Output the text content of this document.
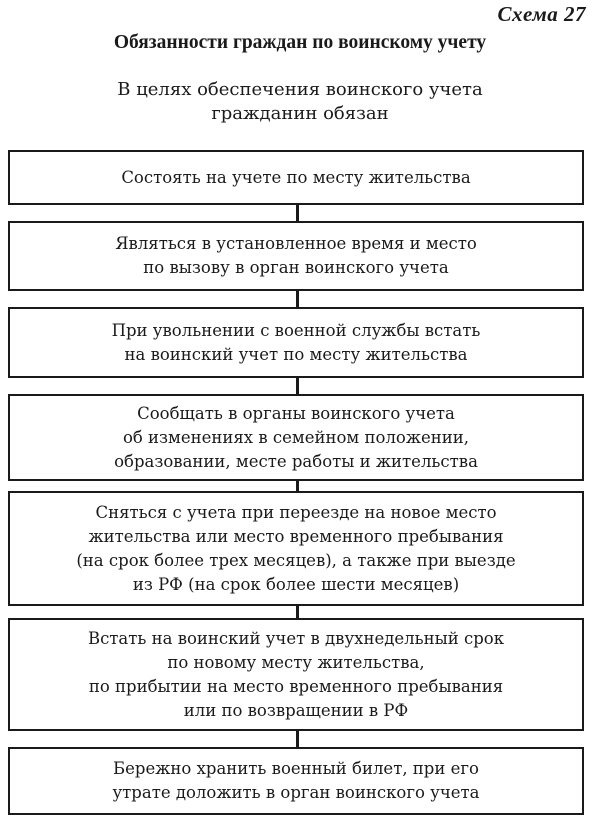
Схема 27
Обязанности граждан по воинскому учету
В целях обеспечения воинского учета
гражданин обязан
Состоять на учете по месту жительства
Являться в установленное время и место
по вызову в орган воинского учета
При увольнении с военной службы встать
на воинский учет по месту жительства
Сообщать в органы воинского учета
об изменениях в семейном положении,
образовании, месте работы и жительства
Сняться с учета при переезде на новое место
жительства или место временного пребывания
(на срок более трех месяцев), а также при выезде
из РФ (на срок более шести месяцев)
Встать на воинский учет в двухнедельный срок
по новому месту жительства,
по прибытии на место временного пребывания
или по возвращении в РФ
Бережно хранить военный билет, при его
утрате доложить в орган воинского учета
